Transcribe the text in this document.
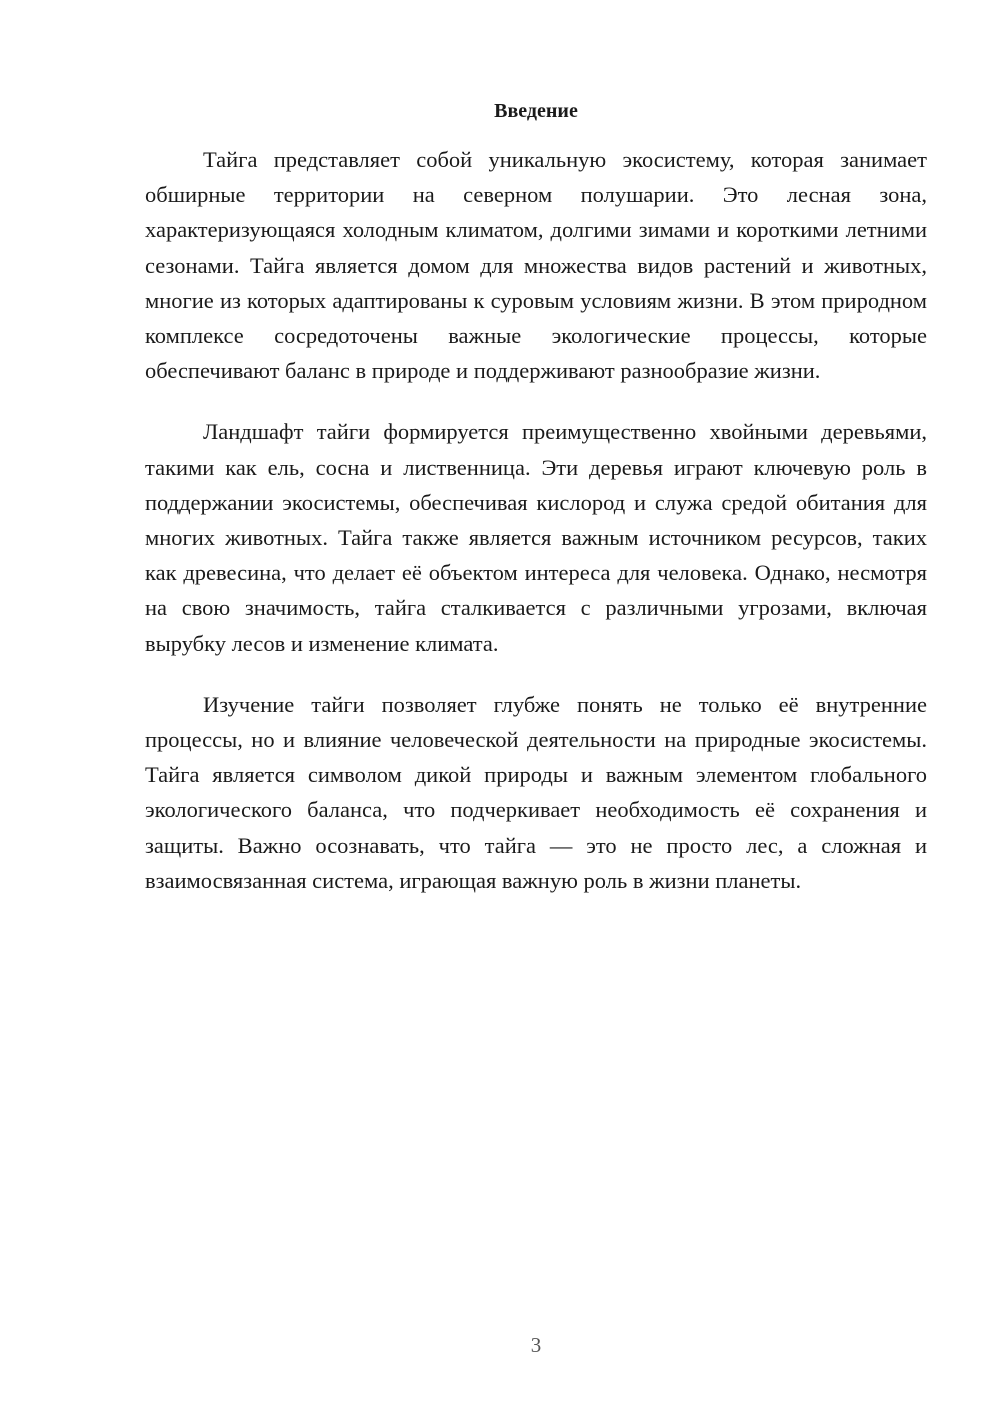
Введение

Тайга представляет собой уникальную экосистему, которая занимает обширные территории на северном полушарии. Это лесная зона, характеризующаяся холодным климатом, долгими зимами и короткими летними сезонами. Тайга является домом для множества видов растений и животных, многие из которых адаптированы к суровым условиям жизни. В этом природном комплексе сосредоточены важные экологические процессы, которые обеспечивают баланс в природе и поддерживают разнообразие жизни.

Ландшафт тайги формируется преимущественно хвойными деревьями, такими как ель, сосна и лиственница. Эти деревья играют ключевую роль в поддержании экосистемы, обеспечивая кислород и служа средой обитания для многих животных. Тайга также является важным источником ресурсов, таких как древесина, что делает её объектом интереса для человека. Однако, несмотря на свою значимость, тайга сталкивается с различными угрозами, включая вырубку лесов и изменение климата.

Изучение тайги позволяет глубже понять не только её внутренние процессы, но и влияние человеческой деятельности на природные экосистемы. Тайга является символом дикой природы и важным элементом глобального экологического баланса, что подчеркивает необходимость её сохранения и защиты. Важно осознавать, что тайга — это не просто лес, а сложная и взаимосвязанная система, играющая важную роль в жизни планеты.

3
